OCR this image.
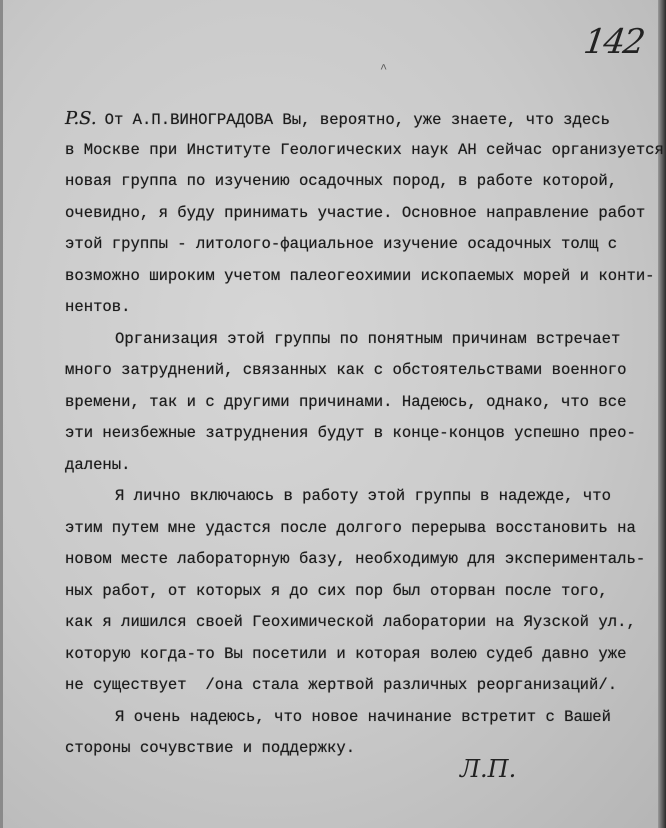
^
142
P.S. От А.П.ВИНОГРАДОВА Вы, вероятно, уже знаете, что здесь
в Москве при Институте Геологических наук АН сейчас организуется
новая группа по изучению осадочных пород, в работе которой,
очевидно, я буду принимать участие. Основное направление работ
этой группы - литолого-фациальное изучение осадочных толщ с
возможно широким учетом палеогеохимии ископаемых морей и конти-
нентов.
Организация этой группы по понятным причинам встречает
много затруднений, связанных как с обстоятельствами военного
времени, так и с другими причинами. Надеюсь, однако, что все
эти неизбежные затруднения будут в конце-концов успешно прео-
далены.
Я лично включаюсь в работу этой группы в надежде, что
этим путем мне удастся после долгого перерыва восстановить на
новом месте лабораторную базу, необходимую для эксперименталь-
ных работ, от которых я до сих пор был оторван после того,
как я лишился своей Геохимической лаборатории на Яузской ул.,
которую когда-то Вы посетили и которая волею судеб давно уже
не существует  /она стала жертвой различных реорганизаций/.
Я очень надеюсь, что новое начинание встретит с Вашей
стороны сочувствие и поддержку.
Л.П.
